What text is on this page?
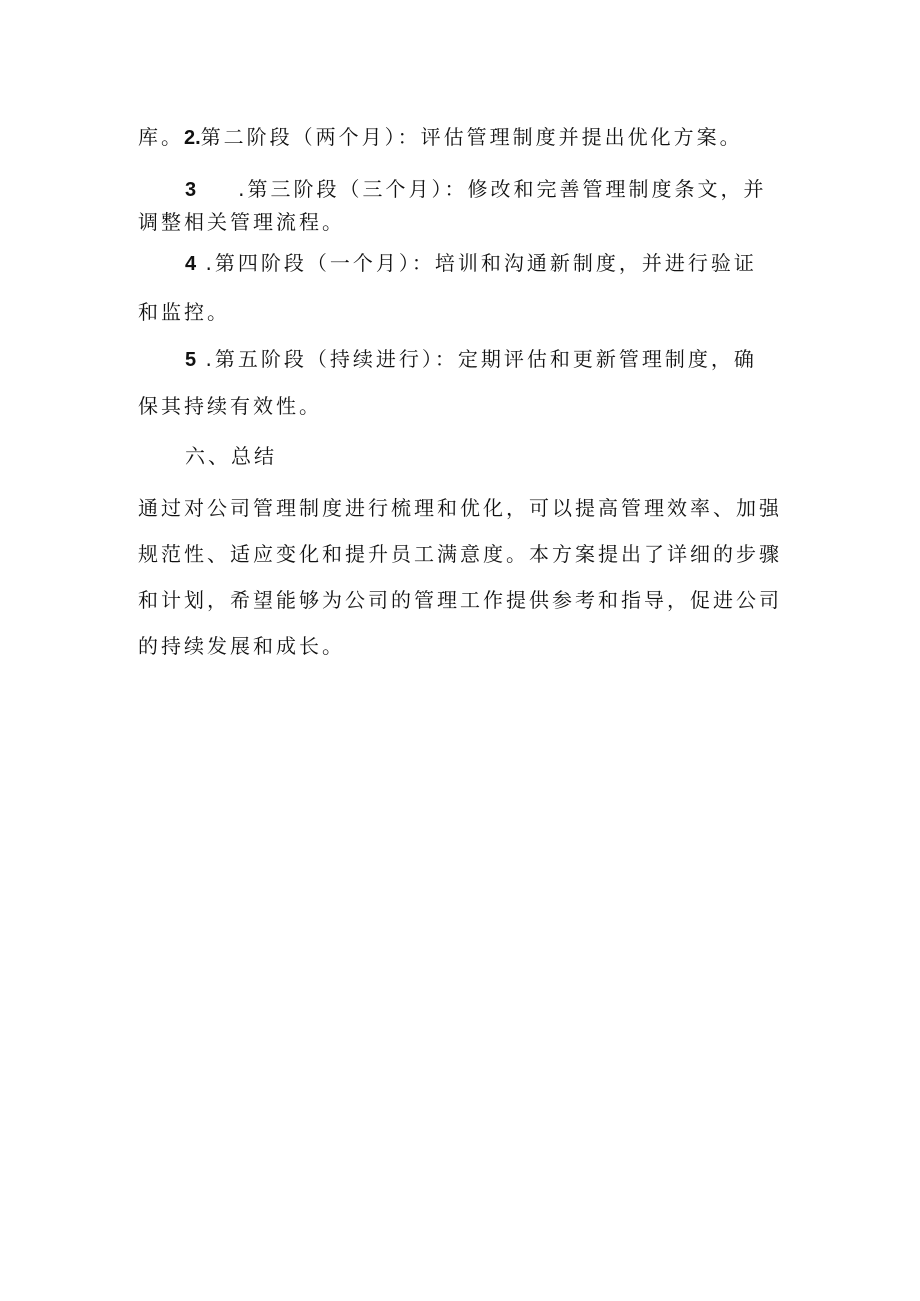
库。2.第二阶段（两个月）：评估管理制度并提出优化方案。
3 .第三阶段（三个月）：修改和完善管理制度条文，并
调整相关管理流程。
4 .第四阶段（一个月）：培训和沟通新制度，并进行验证
和监控。
5 .第五阶段（持续进行）：定期评估和更新管理制度，确
保其持续有效性。
六、总结
通过对公司管理制度进行梳理和优化，可以提高管理效率、加强
规范性、适应变化和提升员工满意度。本方案提出了详细的步骤
和计划，希望能够为公司的管理工作提供参考和指导，促进公司
的持续发展和成长。
